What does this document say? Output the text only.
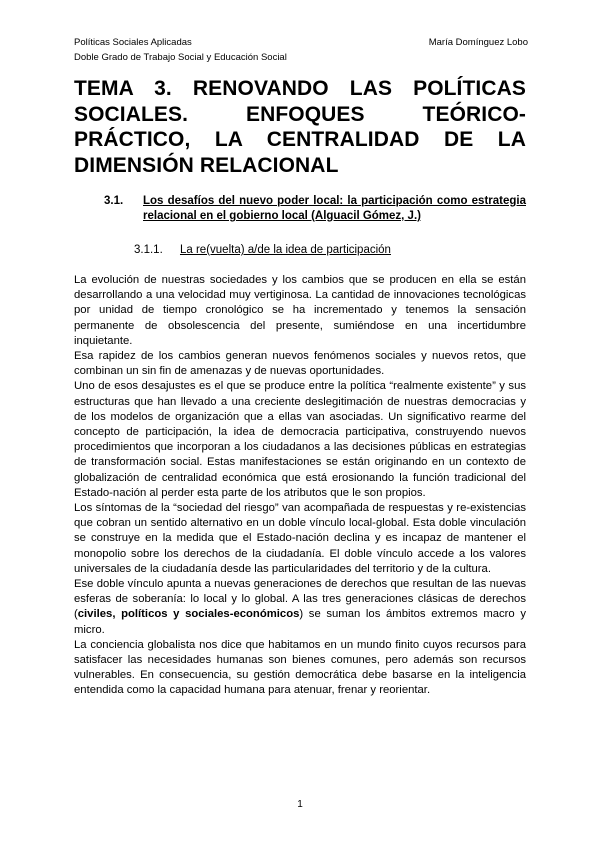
Políticas Sociales Aplicadas	María Domínguez Lobo
Doble Grado de Trabajo Social y Educación Social
TEMA 3. RENOVANDO LAS POLÍTICAS SOCIALES. ENFOQUES TEÓRICO-PRÁCTICO, LA CENTRALIDAD DE LA DIMENSIÓN RELACIONAL
3.1. Los desafíos del nuevo poder local: la participación como estrategia relacional en el gobierno local (Alguacil Gómez, J.)
3.1.1. La re(vuelta) a/de la idea de participación

La evolución de nuestras sociedades y los cambios que se producen en ella se están desarrollando a una velocidad muy vertiginosa. La cantidad de innovaciones tecnológicas por unidad de tiempo cronológico se ha incrementado y tenemos la sensación permanente de obsolescencia del presente, sumiéndose en una incertidumbre inquietante.

Esa rapidez de los cambios generan nuevos fenómenos sociales y nuevos retos, que combinan un sin fin de amenazas y de nuevas oportunidades.

Uno de esos desajustes es el que se produce entre la política “realmente existente” y sus estructuras que han llevado a una creciente deslegitimación de nuestras democracias y de los modelos de organización que a ellas van asociadas. Un significativo rearme del concepto de participación, la idea de democracia participativa, construyendo nuevos procedimientos que incorporan a los ciudadanos a las decisiones públicas en estrategias de transformación social. Estas manifestaciones se están originando en un contexto de globalización de centralidad económica que está erosionando la función tradicional del Estado-nación al perder esta parte de los atributos que le son propios.

Los síntomas de la “sociedad del riesgo” van acompañada de respuestas y re-existencias que cobran un sentido alternativo en un doble vínculo local-global. Esta doble vinculación se construye en la medida que el Estado-nación declina y es incapaz de mantener el monopolio sobre los derechos de la ciudadanía. El doble vínculo accede a los valores universales de la ciudadanía desde las particularidades del territorio y de la cultura.

Ese doble vínculo apunta a nuevas generaciones de derechos que resultan de las nuevas esferas de soberanía: lo local y lo global. A las tres generaciones clásicas de derechos (civiles, políticos y sociales-económicos) se suman los ámbitos extremos macro y micro.

La conciencia globalista nos dice que habitamos en un mundo finito cuyos recursos para satisfacer las necesidades humanas son bienes comunes, pero además son recursos vulnerables. En consecuencia, su gestión democrática debe basarse en la inteligencia entendida como la capacidad humana para atenuar, frenar y reorientar.

1
